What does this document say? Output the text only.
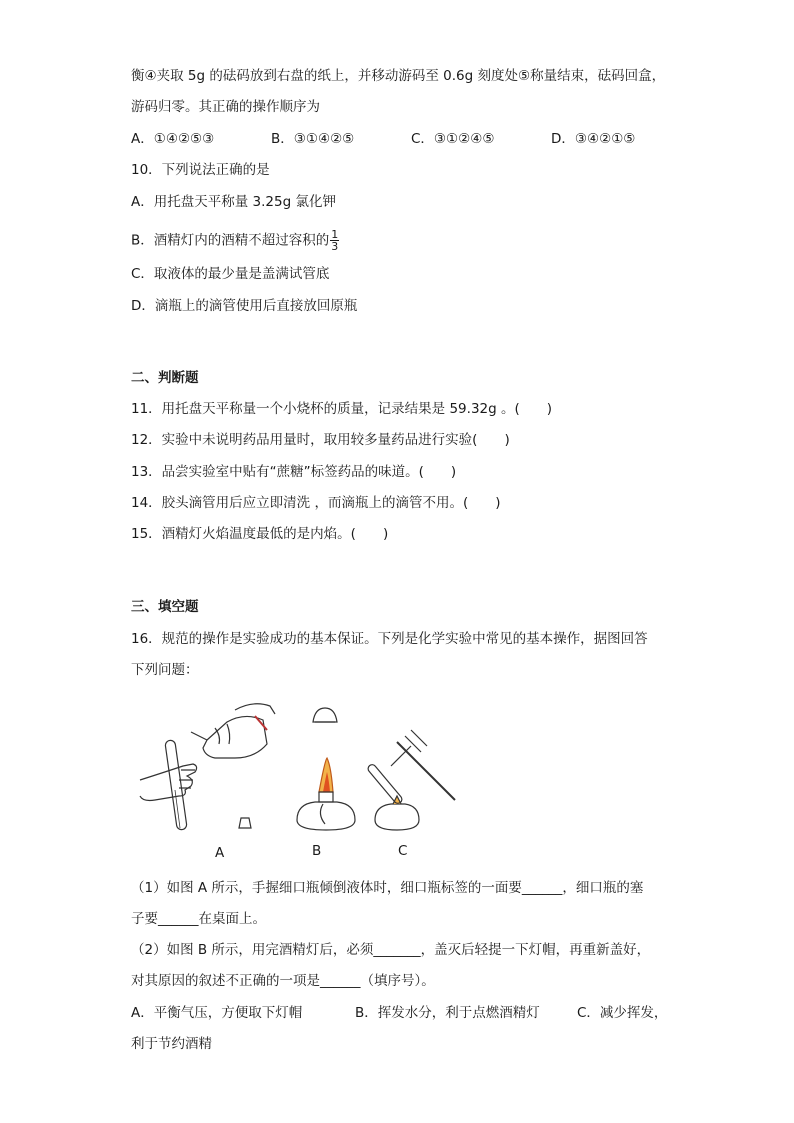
衡④夹取 5g 的砝码放到右盘的纸上，并移动游码至 0.6g 刻度处⑤称量结束，砝码回盒，
游码归零。其正确的操作顺序为
A．①④②⑤③	B．③①④②⑤	C．③①②④⑤	D．③④②①⑤
10．下列说法正确的是
A．用托盘天平称量 3.25g 氯化钾
B．酒精灯内的酒精不超过容积的 $\frac{1}{3}$
C．取液体的最少量是盖满试管底
D．滴瓶上的滴管使用后直接放回原瓶
二、判断题
11．用托盘天平称量一个小烧杯的质量，记录结果是 59.32g 。(　　)
12．实验中未说明药品用量时，取用较多量药品进行实验(　　)
13．品尝实验室中贴有“蔗糖”标签药品的味道。(　　)
14．胶头滴管用后应立即清洗 ，而滴瓶上的滴管不用。(　　)
15．酒精灯火焰温度最低的是内焰。(　　)
三、填空题
16．规范的操作是实验成功的基本保证。下列是化学实验中常见的基本操作，据图回答
下列问题：
A	B	C
（1）如图 A 所示，手握细口瓶倾倒液体时，细口瓶标签的一面要______，细口瓶的塞
子要______在桌面上。
（2）如图 B 所示，用完酒精灯后，必须_______，盖灭后轻提一下灯帽，再重新盖好，
对其原因的叙述不正确的一项是______（填序号）。
A．平衡气压，方便取下灯帽	B．挥发水分，利于点燃酒精灯	C．减少挥发，
利于节约酒精
